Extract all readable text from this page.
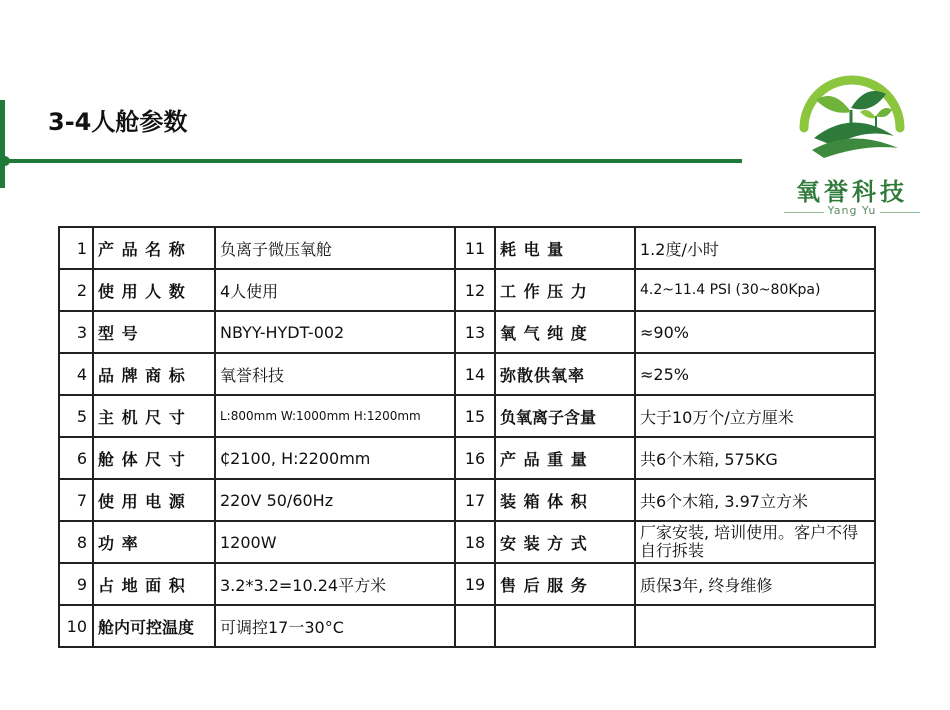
3-4人舱参数
氧誉科技
Yang Yu
1	产 品 名 称	负离子微压氧舱	11	耗 电 量	1.2度/小时
2	使 用 人 数	4人使用	12	工 作 压 力	4.2~11.4 PSI (30~80Kpa)
3	型 号	NBYY-HYDT-002	13	氧 气 纯 度	≈90%
4	品 牌 商 标	氧誉科技	14	弥散供氧率	≈25%
5	主 机 尺 寸	L:800mm W:1000mm H:1200mm	15	负氧离子含量	大于10万个/立方厘米
6	舱 体 尺 寸	₵2100, H:2200mm	16	产 品 重 量	共6个木箱, 575KG
7	使 用 电 源	220V 50/60Hz	17	装 箱 体 积	共6个木箱, 3.97立方米
8	功 率	1200W	18	安 装 方 式	厂家安装, 培训使用。客户不得自行拆装
9	占 地 面 积	3.2*3.2=10.24平方米	19	售 后 服 务	质保3年, 终身维修
10	舱内可控温度	可调控17一30°C			
